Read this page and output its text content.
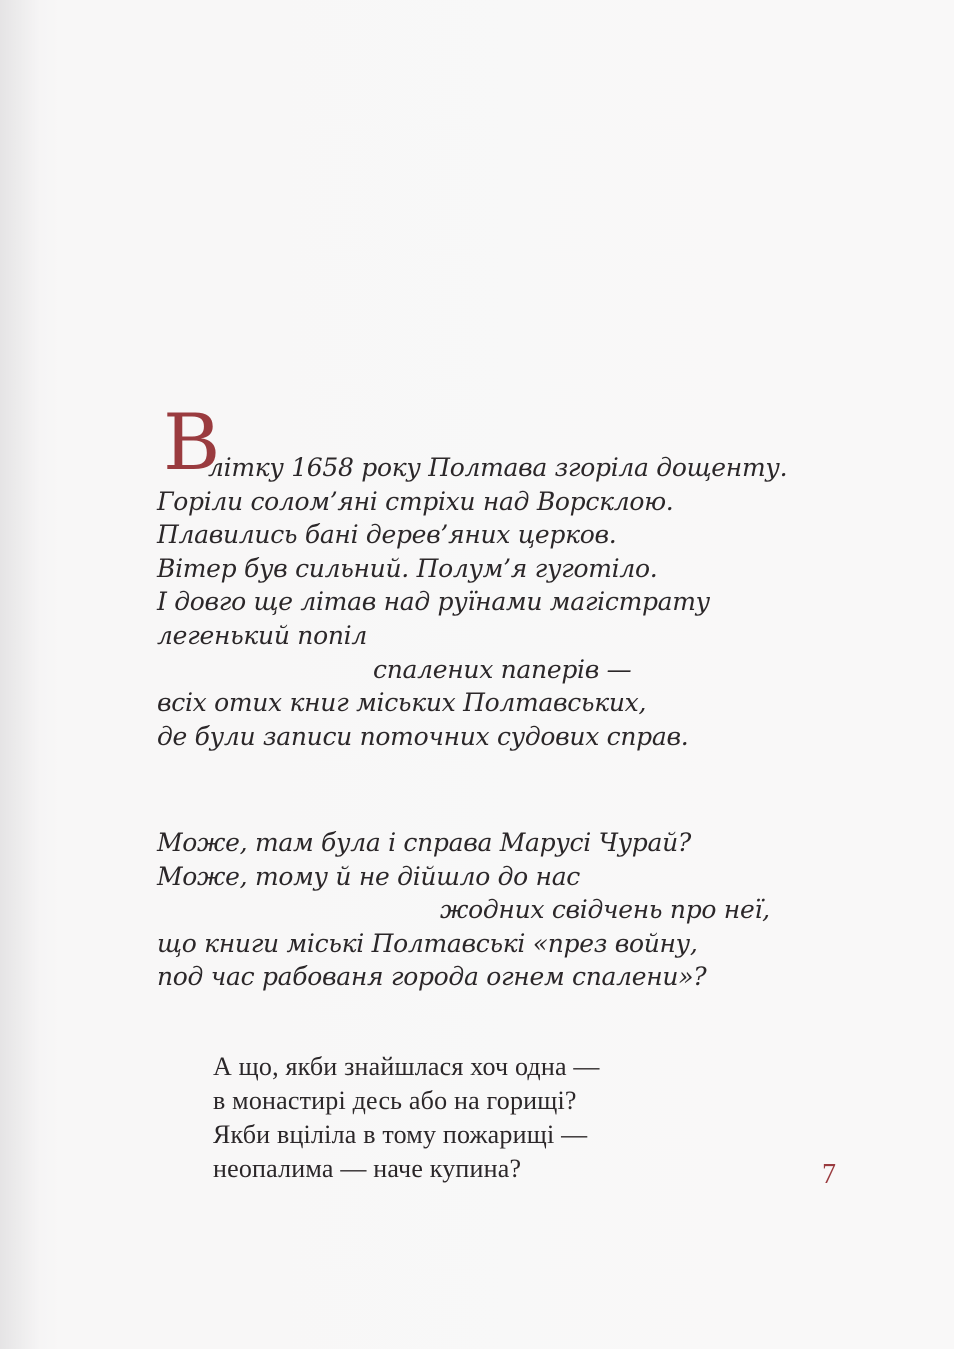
В
літку 1658 року Полтава згоріла дощенту.
Горіли солом’яні стріхи над Ворсклою.
Плавились бані дерев’яних церков.
Вітер був сильний. Полум’я гуготіло.
І довго ще літав над руїнами магістрату
легенький попіл
спалених паперів —
всіх отих книг міських Полтавських,
де були записи поточних судових справ.
Може, там була і справа Марусі Чурай?
Може, тому й не дійшло до нас
жодних свідчень про неї,
що книги міські Полтавські «през войну,
под час рабованя города огнем спалени»?
А що, якби знайшлася хоч одна —
в монастирі десь або на горищі?
Якби вціліла в тому пожарищі —
неопалима — наче купина?	7
